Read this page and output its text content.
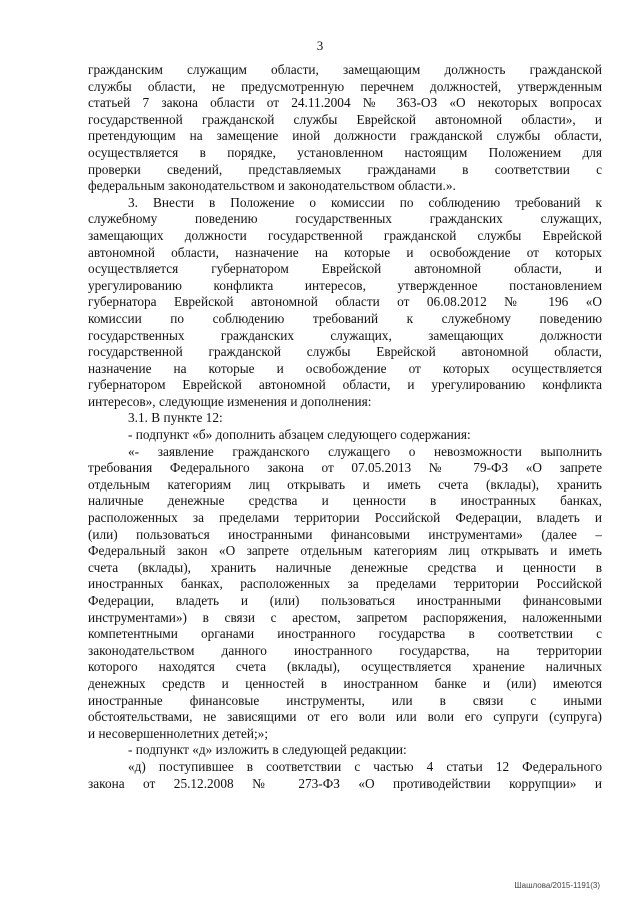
3
гражданским служащим области, замещающим должность гражданской
службы области, не предусмотренную перечнем должностей, утвержденным
статьей 7 закона области от 24.11.2004 № 363-ОЗ «О некоторых вопросах
государственной гражданской службы Еврейской автономной области», и
претендующим на замещение иной должности гражданской службы области,
осуществляется в порядке, установленном настоящим Положением для
проверки сведений, представляемых гражданами в соответствии с
федеральным законодательством и законодательством области.».
3. Внести в Положение о комиссии по соблюдению требований к
служебному поведению государственных гражданских служащих,
замещающих должности государственной гражданской службы Еврейской
автономной области, назначение на которые и освобождение от которых
осуществляется губернатором Еврейской автономной области, и
урегулированию конфликта интересов, утвержденное постановлением
губернатора Еврейской автономной области от 06.08.2012 № 196 «О
комиссии по соблюдению требований к служебному поведению
государственных гражданских служащих, замещающих должности
государственной гражданской службы Еврейской автономной области,
назначение на которые и освобождение от которых осуществляется
губернатором Еврейской автономной области, и урегулированию конфликта
интересов», следующие изменения и дополнения:
3.1. В пункте 12:
- подпункт «б» дополнить абзацем следующего содержания:
«- заявление гражданского служащего о невозможности выполнить
требования Федерального закона от 07.05.2013 № 79-ФЗ «О запрете
отдельным категориям лиц открывать и иметь счета (вклады), хранить
наличные денежные средства и ценности в иностранных банках,
расположенных за пределами территории Российской Федерации, владеть и
(или) пользоваться иностранными финансовыми инструментами» (далее –
Федеральный закон «О запрете отдельным категориям лиц открывать и иметь
счета (вклады), хранить наличные денежные средства и ценности в
иностранных банках, расположенных за пределами территории Российской
Федерации, владеть и (или) пользоваться иностранными финансовыми
инструментами») в связи с арестом, запретом распоряжения, наложенными
компетентными органами иностранного государства в соответствии с
законодательством данного иностранного государства, на территории
которого находятся счета (вклады), осуществляется хранение наличных
денежных средств и ценностей в иностранном банке и (или) имеются
иностранные финансовые инструменты, или в связи с иными
обстоятельствами, не зависящими от его воли или воли его супруги (супруга)
и несовершеннолетних детей;»;
- подпункт «д» изложить в следующей редакции:
«д) поступившее в соответствии с частью 4 статьи 12 Федерального
закона от 25.12.2008 № 273-ФЗ «О противодействии коррупции» и
Шашлова/2015-1191(3)
